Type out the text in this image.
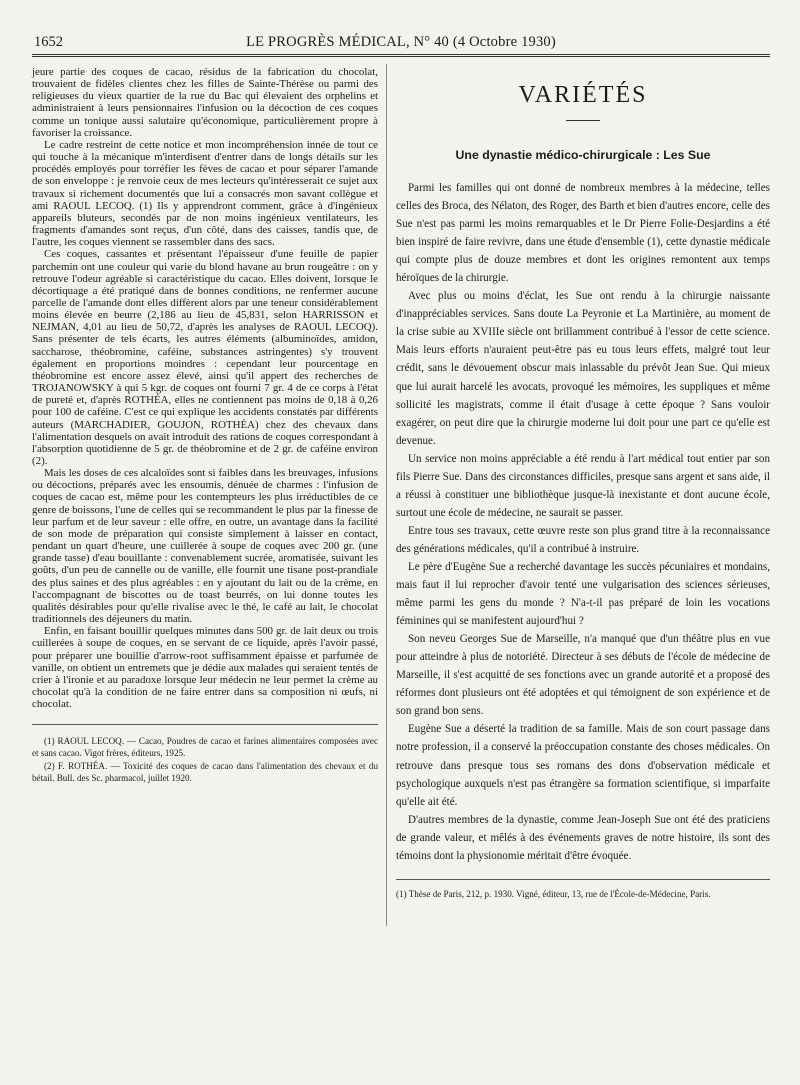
1652	LE PROGRÈS MÉDICAL, N° 40 (4 Octobre 1930)

jeure partie des coques de cacao, résidus de la fabrication du chocolat, trouvaient de fidèles clientes chez les filles de Sainte-Thérèse ou parmi des religieuses du vieux quartier de la rue du Bac qui élevaient des orphelins et administraient à leurs pensionnaires l'infusion ou la décoction de ces coques comme un tonique aussi salutaire qu'économique, particulièrement propre à favoriser la croissance.

Le cadre restreint de cette notice et mon incompréhension innée de tout ce qui touche à la mécanique m'interdisent d'entrer dans de longs détails sur les procédés employés pour torréfier les fèves de cacao et pour séparer l'amande de son enveloppe : je renvoie ceux de mes lecteurs qu'intéresserait ce sujet aux travaux si richement documentés que lui a consacrés mon savant collègue et ami RAOUL LECOQ. (1) Ils y apprendront comment, grâce à d'ingénieux appareils bluteurs, secondés par de non moins ingénieux ventilateurs, les fragments d'amandes sont reçus, d'un côté, dans des caisses, tandis que, de l'autre, les coques viennent se rassembler dans des sacs.

Ces coques, cassantes et présentant l'épaisseur d'une feuille de papier parchemin ont une couleur qui varie du blond havane au brun rougeâtre : on y retrouve l'odeur agréable si caractéristique du cacao. Elles doivent, lorsque le décortiquage a été pratiqué dans de bonnes conditions, ne renfermer aucune parcelle de l'amande dont elles diffèrent alors par une teneur considérablement moins élevée en beurre (2,186 au lieu de 45,831, selon HARRISSON et NEJMAN, 4,01 au lieu de 50,72, d'après les analyses de RAOUL LECOQ). Sans présenter de tels écarts, les autres éléments (albuminoïdes, amidon, saccharose, théobromine, caféine, substances astringentes) s'y trouvent également en proportions moindres : cependant leur pourcentage en théobromine est encore assez élevé, ainsi qu'il appert des recherches de TROJANOWSKY à qui 5 kgr. de coques ont fourni 7 gr. 4 de ce corps à l'état de pureté et, d'après ROTHÉA, elles ne contiennent pas moins de 0,18 à 0,26 pour 100 de caféine. C'est ce qui explique les accidents constatés par différents auteurs (MARCHADIER, GOUJON, ROTHÉA) chez des chevaux dans l'alimentation desquels on avait introduit des rations de coques correspondant à l'absorption quotidienne de 5 gr. de théobromine et de 2 gr. de caféine environ (2).

Mais les doses de ces alcaloïdes sont si faibles dans les breuvages, infusions ou décoctions, préparés avec les ensoumis, dénuée de charmes : l'infusion de coques de cacao est, même pour les contempteurs les plus irréductibles de ce genre de boissons, l'une de celles qui se recommandent le plus par la finesse de leur parfum et de leur saveur : elle offre, en outre, un avantage dans la facilité de son mode de préparation qui consiste simplement à laisser en contact, pendant un quart d'heure, une cuillerée à soupe de coques avec 200 gr. (une grande tasse) d'eau bouillante : convenablement sucrée, aromatisée, suivant les goûts, d'un peu de cannelle ou de vanille, elle fournit une tisane post-prandiale des plus saines et des plus agréables : en y ajoutant du lait ou de la crème, en l'accompagnant de biscottes ou de toast beurrés, on lui donne toutes les qualités désirables pour qu'elle rivalise avec le thé, le café au lait, le chocolat traditionnels des déjeuners du matin.

Enfin, en faisant bouillir quelques minutes dans 500 gr. de lait deux ou trois cuillerées à soupe de coques, en se servant de ce liquide, après l'avoir passé, pour préparer une bouillie d'arrow-root suffisamment épaisse et parfumée de vanille, on obtient un entremets que je dédie aux malades qui seraient tentés de crier à l'ironie et au paradoxe lorsque leur médecin ne leur permet la crème au chocolat qu'à la condition de ne faire entrer dans sa composition ni œufs, ni chocolat.

(1) RAOUL LECOQ. — Cacao, Poudres de cacao et farines alimentaires composées avec et sans cacao. Vigot frères, éditeurs, 1925.

(2) F. ROTHÉA. — Toxicité des coques de cacao dans l'alimentation des chevaux et du bétail. Bull. des Sc. pharmacol, juillet 1920.

VARIÉTÉS
Une dynastie médico-chirurgicale : Les Sue

Parmi les familles qui ont donné de nombreux membres à la médecine, telles celles des Broca, des Nélaton, des Roger, des Barth et bien d'autres encore, celle des Sue n'est pas parmi les moins remarquables et le Dr Pierre Folie-Desjardins a été bien inspiré de faire revivre, dans une étude d'ensemble (1), cette dynastie médicale qui compte plus de douze membres et dont les origines remontent aux temps héroïques de la chirurgie.

Avec plus ou moins d'éclat, les Sue ont rendu à la chirurgie naissante d'inappréciables services. Sans doute La Peyronie et La Martinière, au moment de la crise subie au XVIIIe siècle ont brillamment contribué à l'essor de cette science. Mais leurs efforts n'auraient peut-être pas eu tous leurs effets, malgré tout leur crédit, sans le dévouement obscur mais inlassable du prévôt Jean Sue. Qui mieux que lui aurait harcelé les avocats, provoqué les mémoires, les suppliques et même sollicité les magistrats, comme il était d'usage à cette époque ? Sans vouloir exagérer, on peut dire que la chirurgie moderne lui doit pour une part ce qu'elle est devenue.

Un service non moins appréciable a été rendu à l'art médical tout entier par son fils Pierre Sue. Dans des circonstances difficiles, presque sans argent et sans aide, il a réussi à constituer une bibliothèque jusque-là inexistante et dont aucune école, surtout une école de médecine, ne saurait se passer.

Entre tous ses travaux, cette œuvre reste son plus grand titre à la reconnaissance des générations médicales, qu'il a contribué à instruire.

Le père d'Eugène Sue a recherché davantage les succès pécuniaires et mondains, mais faut il lui reprocher d'avoir tenté une vulgarisation des sciences sérieuses, même parmi les gens du monde ? N'a-t-il pas préparé de loin les vocations féminines qui se manifestent aujourd'hui ?

Son neveu Georges Sue de Marseille, n'a manqué que d'un théâtre plus en vue pour atteindre à plus de notoriété. Directeur à ses débuts de l'école de médecine de Marseille, il s'est acquitté de ses fonctions avec un grande autorité et a proposé des réformes dont plusieurs ont été adoptées et qui témoignent de son expérience et de son grand bon sens.

Eugène Sue a déserté la tradition de sa famille. Mais de son court passage dans notre profession, il a conservé la préoccupation constante des choses médicales. On retrouve dans presque tous ses romans des dons d'observation médicale et psychologique auxquels n'est pas étrangère sa formation scientifique, si imparfaite qu'elle ait été.

D'autres membres de la dynastie, comme Jean-Joseph Sue ont été des praticiens de grande valeur, et mêlés à des événements graves de notre histoire, ils sont des témoins dont la physionomie méritait d'être évoquée.

(1) Thèse de Paris, 212, p. 1930. Vigné, éditeur, 13, rue de l'École-de-Médecine, Paris.
